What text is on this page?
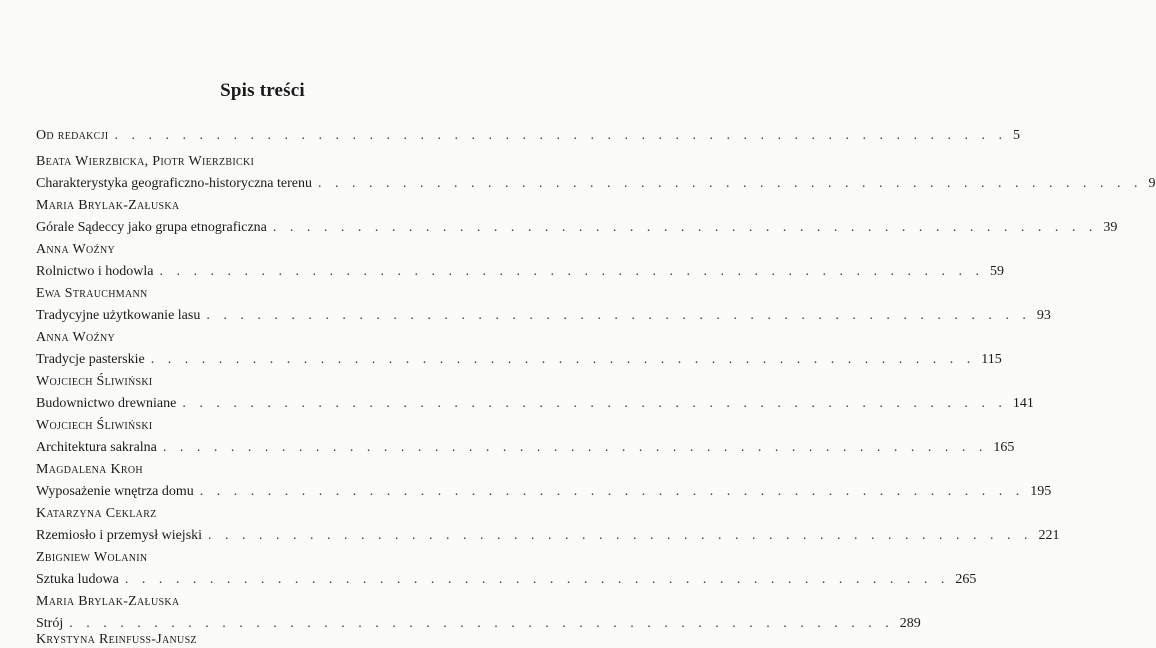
Spis treści
Od redakcji . . . . . . . . . . . . . . . . . . . . . . . . . . . . . . . . . . . . . . . . . . . . . . . . . . . . . 5
Beata Wierzbicka, Piotr Wierzbicki
Charakterystyka geograficzno-historyczna terenu . . . . . . . . . . . . . . . . . . . . . . . . . . . . . . . . . . . . . . . . . . . . . . . . . 9
Maria Brylak-Załuska
Górale Sądeccy jako grupa etnograficzna . . . . . . . . . . . . . . . . . . . . . . . . . . . . . . . . . . . . . . . . . . . . . . . . . 39
Anna Woźny
Rolnictwo i hodowla . . . . . . . . . . . . . . . . . . . . . . . . . . . . . . . . . . . . . . . . . . . . . . . . . 59
Ewa Strauchmann
Tradycyjne użytkowanie lasu . . . . . . . . . . . . . . . . . . . . . . . . . . . . . . . . . . . . . . . . . . . . . . . . . 93
Anna Woźny
Tradycje pasterskie . . . . . . . . . . . . . . . . . . . . . . . . . . . . . . . . . . . . . . . . . . . . . . . . . 115
Wojciech Śliwiński
Budownictwo drewniane . . . . . . . . . . . . . . . . . . . . . . . . . . . . . . . . . . . . . . . . . . . . . . . . . 141
Wojciech Śliwiński
Architektura sakralna . . . . . . . . . . . . . . . . . . . . . . . . . . . . . . . . . . . . . . . . . . . . . . . . . 165
Magdalena Kroh
Wyposażenie wnętrza domu . . . . . . . . . . . . . . . . . . . . . . . . . . . . . . . . . . . . . . . . . . . . . . . . . 195
Katarzyna Ceklarz
Rzemiosło i przemysł wiejski . . . . . . . . . . . . . . . . . . . . . . . . . . . . . . . . . . . . . . . . . . . . . . . . . 221
Zbigniew Wolanin
Sztuka ludowa . . . . . . . . . . . . . . . . . . . . . . . . . . . . . . . . . . . . . . . . . . . . . . . . . 265
Maria Brylak-Załuska
Strój . . . . . . . . . . . . . . . . . . . . . . . . . . . . . . . . . . . . . . . . . . . . . . . . . 289
Krystyna Reinfuss-Janusz
